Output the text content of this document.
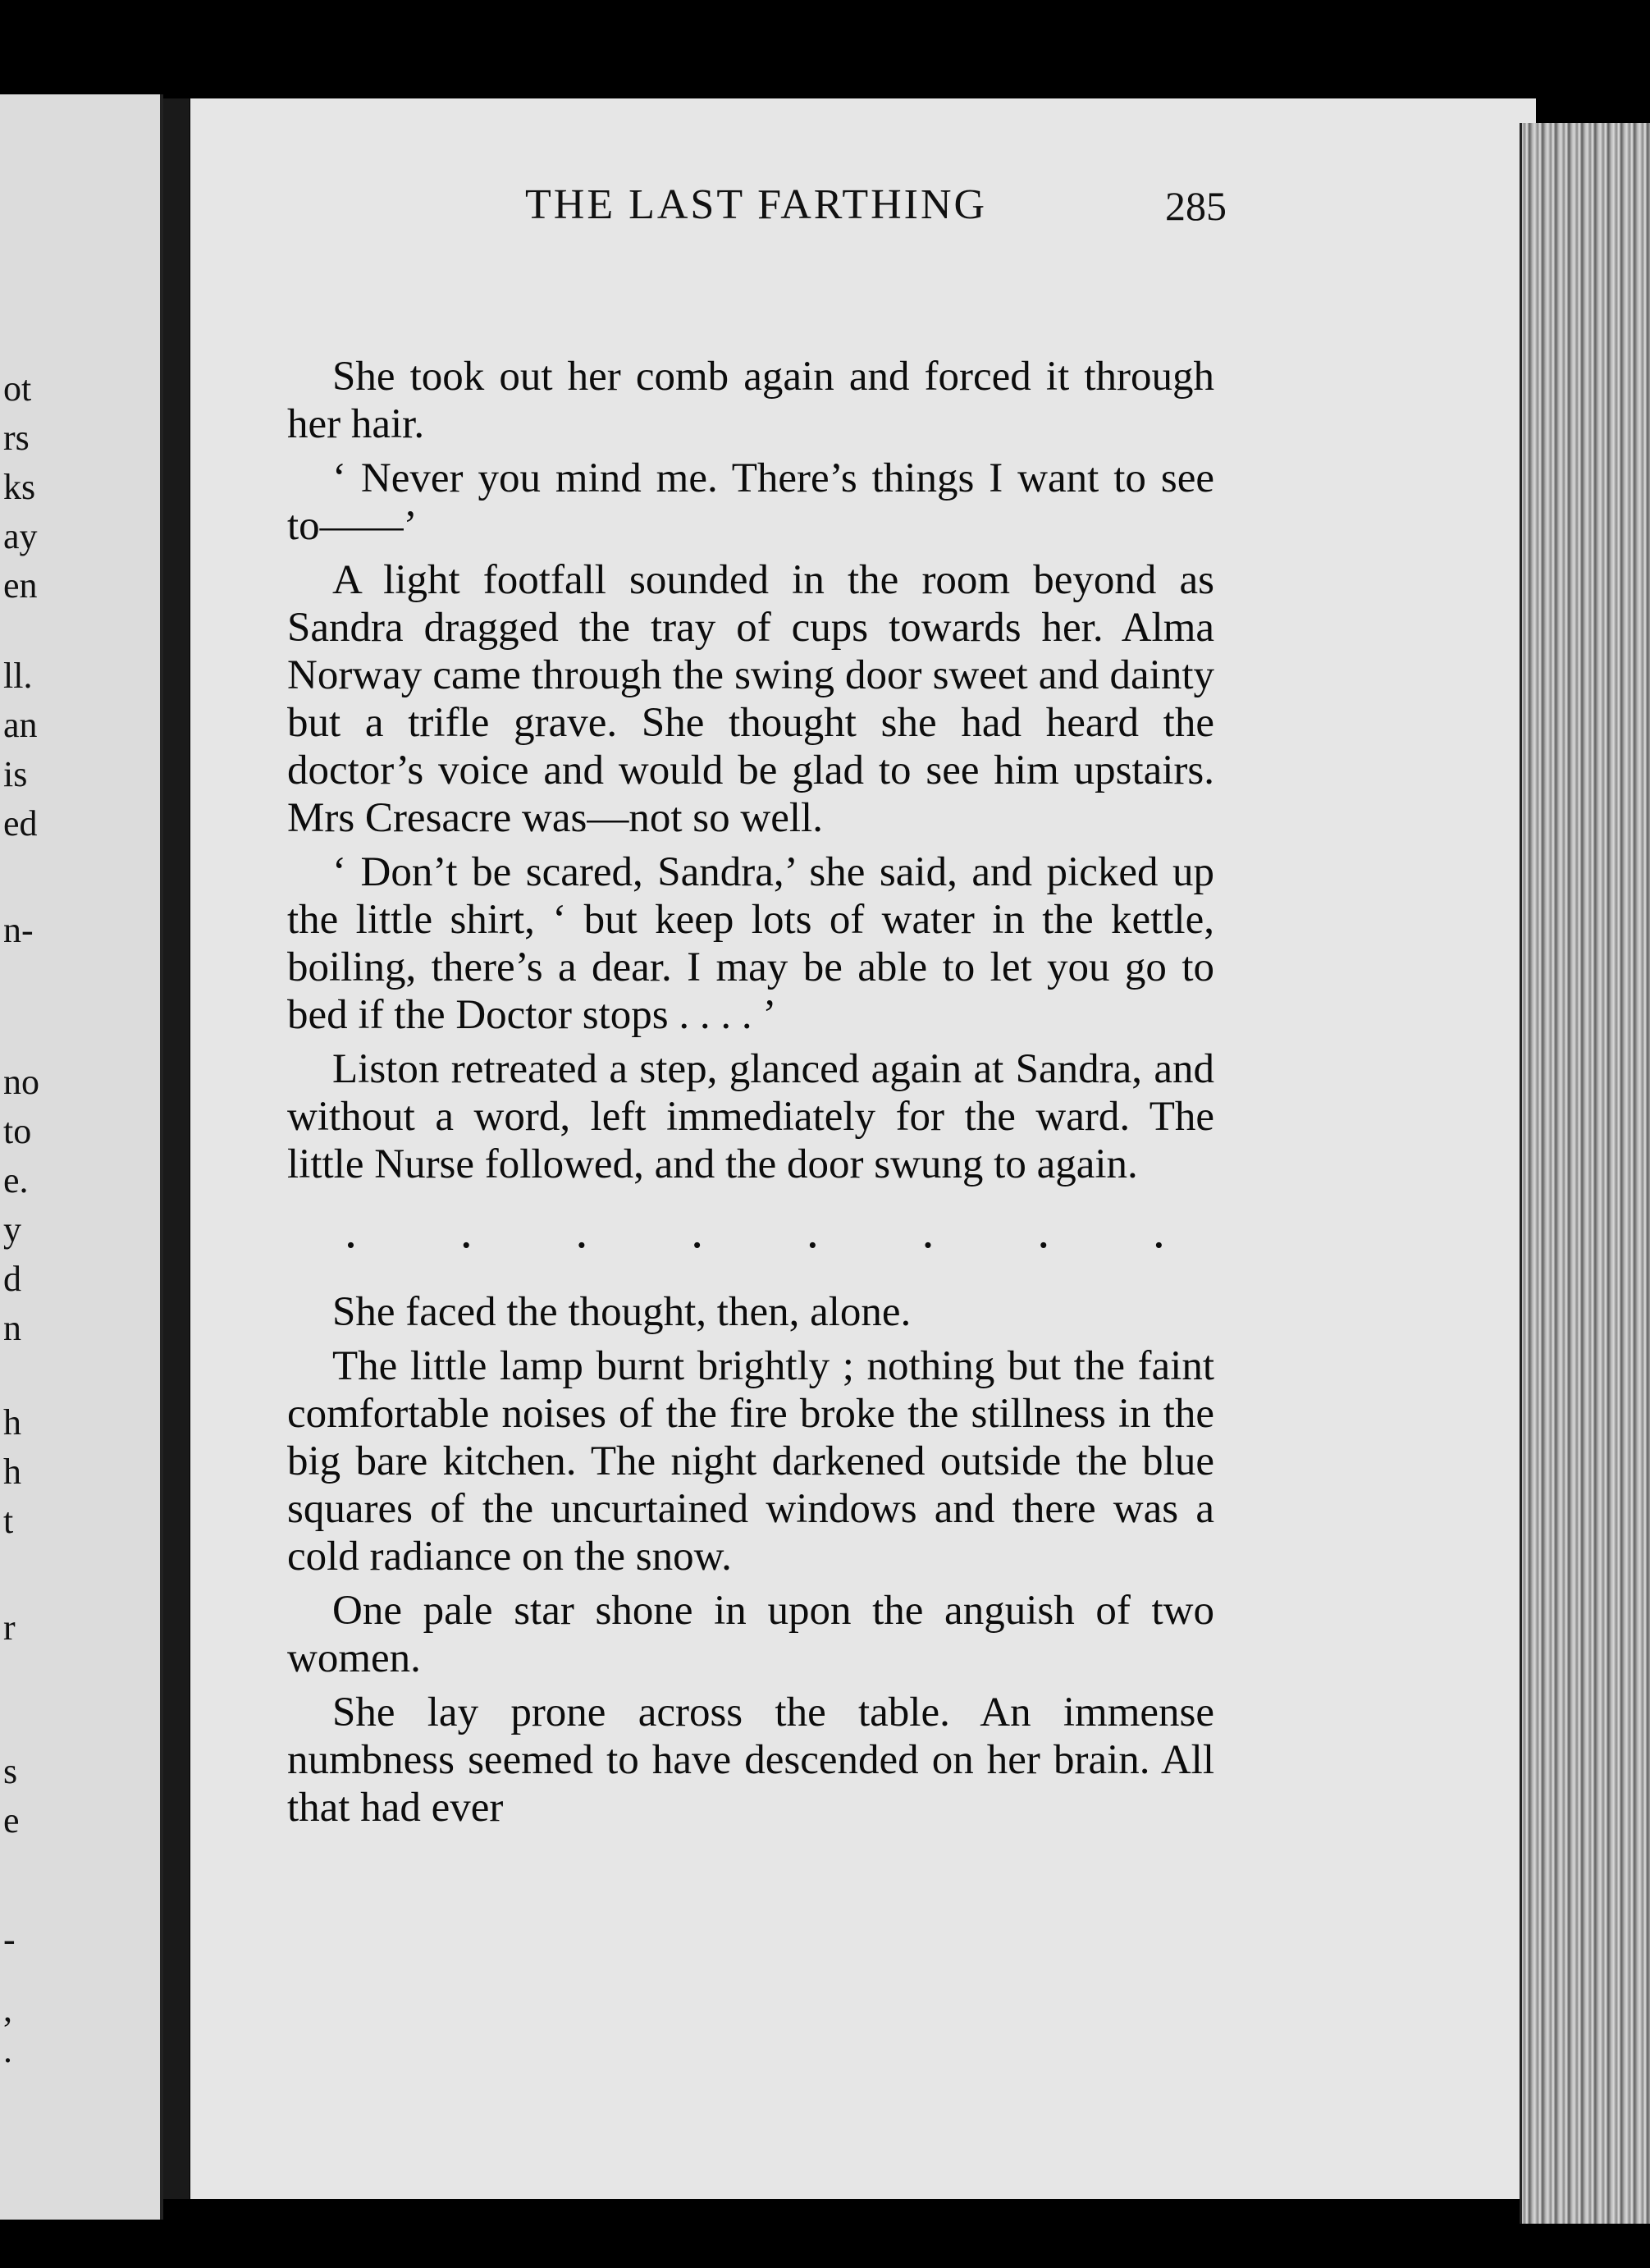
ot

rs

ks

ay

en

ll.

an

is

ed

n-

no

to

e.

y

d

n

h

h

t

r

s

e

-

,

.

THE LAST FARTHING	285

She took out her comb again and forced it through her hair.

‘ Never you mind me. There’s things I want to see to——’

A light footfall sounded in the room beyond as Sandra dragged the tray of cups towards her. Alma Norway came through the swing door sweet and dainty but a trifle grave. She thought she had heard the doctor’s voice and would be glad to see him upstairs. Mrs Cresacre was—not so well.

‘ Don’t be scared, Sandra,’ she said, and picked up the little shirt, ‘ but keep lots of water in the kettle, boiling, there’s a dear. I may be able to let you go to bed if the Doctor stops . . . . ’

Liston retreated a step, glanced again at Sandra, and without a word, left immediately for the ward. The little Nurse followed, and the door swung to again.

. . . . . . . .

She faced the thought, then, alone.

The little lamp burnt brightly ; nothing but the faint comfortable noises of the fire broke the stillness in the big bare kitchen. The night darkened outside the blue squares of the uncurtained windows and there was a cold radiance on the snow.

One pale star shone in upon the anguish of two women.

She lay prone across the table. An immense numbness seemed to have descended on her brain. All that had ever
